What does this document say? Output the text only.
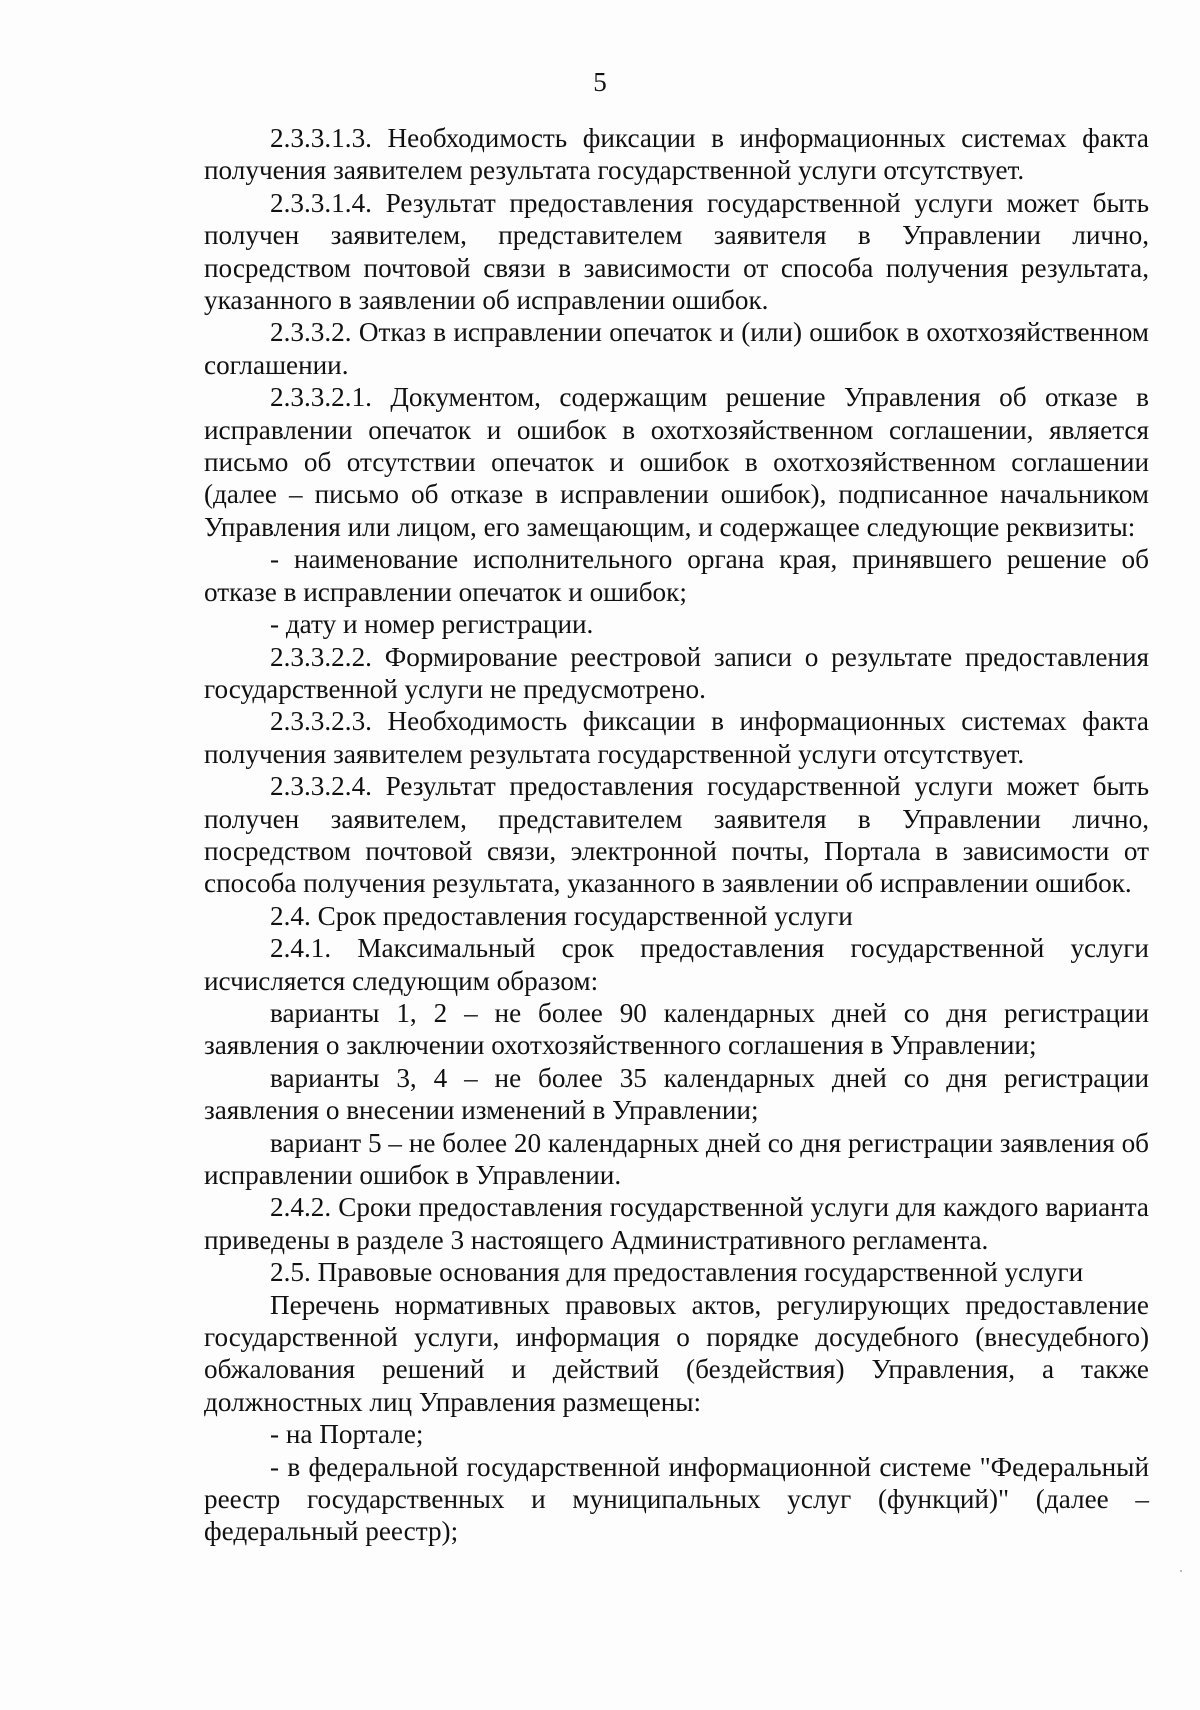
5

2.3.3.1.3. Необходимость фиксации в информационных системах факта получения заявителем результата государственной услуги отсутствует.

2.3.3.1.4. Результат предоставления государственной услуги может быть получен заявителем, представителем заявителя в Управлении лично, посредством почтовой связи в зависимости от способа получения результата, указанного в заявлении об исправлении ошибок.

2.3.3.2. Отказ в исправлении опечаток и (или) ошибок в охотхозяйственном соглашении.

2.3.3.2.1. Документом, содержащим решение Управления об отказе в исправлении опечаток и ошибок в охотхозяйственном соглашении, является письмо об отсутствии опечаток и ошибок в охотхозяйственном соглашении (далее – письмо об отказе в исправлении ошибок), подписанное начальником Управления или лицом, его замещающим, и содержащее следующие реквизиты:

- наименование исполнительного органа края, принявшего решение об отказе в исправлении опечаток и ошибок;

- дату и номер регистрации.

2.3.3.2.2. Формирование реестровой записи о результате предоставления государственной услуги не предусмотрено.

2.3.3.2.3. Необходимость фиксации в информационных системах факта получения заявителем результата государственной услуги отсутствует.

2.3.3.2.4. Результат предоставления государственной услуги может быть получен заявителем, представителем заявителя в Управлении лично, посредством почтовой связи, электронной почты, Портала в зависимости от способа получения результата, указанного в заявлении об исправлении ошибок.

2.4. Срок предоставления государственной услуги

2.4.1. Максимальный срок предоставления государственной услуги исчисляется следующим образом:

варианты 1, 2 – не более 90 календарных дней со дня регистрации заявления о заключении охотхозяйственного соглашения в Управлении;

варианты 3, 4 – не более 35 календарных дней со дня регистрации заявления о внесении изменений в Управлении;

вариант 5 – не более 20 календарных дней со дня регистрации заявления об исправлении ошибок в Управлении.

2.4.2. Сроки предоставления государственной услуги для каждого варианта приведены в разделе 3 настоящего Административного регламента.

2.5. Правовые основания для предоставления государственной услуги

Перечень нормативных правовых актов, регулирующих предоставление государственной услуги, информация о порядке досудебного (внесудебного) обжалования решений и действий (бездействия) Управления, а также должностных лиц Управления размещены:

- на Портале;

- в федеральной государственной информационной системе "Федеральный реестр государственных и муниципальных услуг (функций)" (далее – федеральный реестр);
